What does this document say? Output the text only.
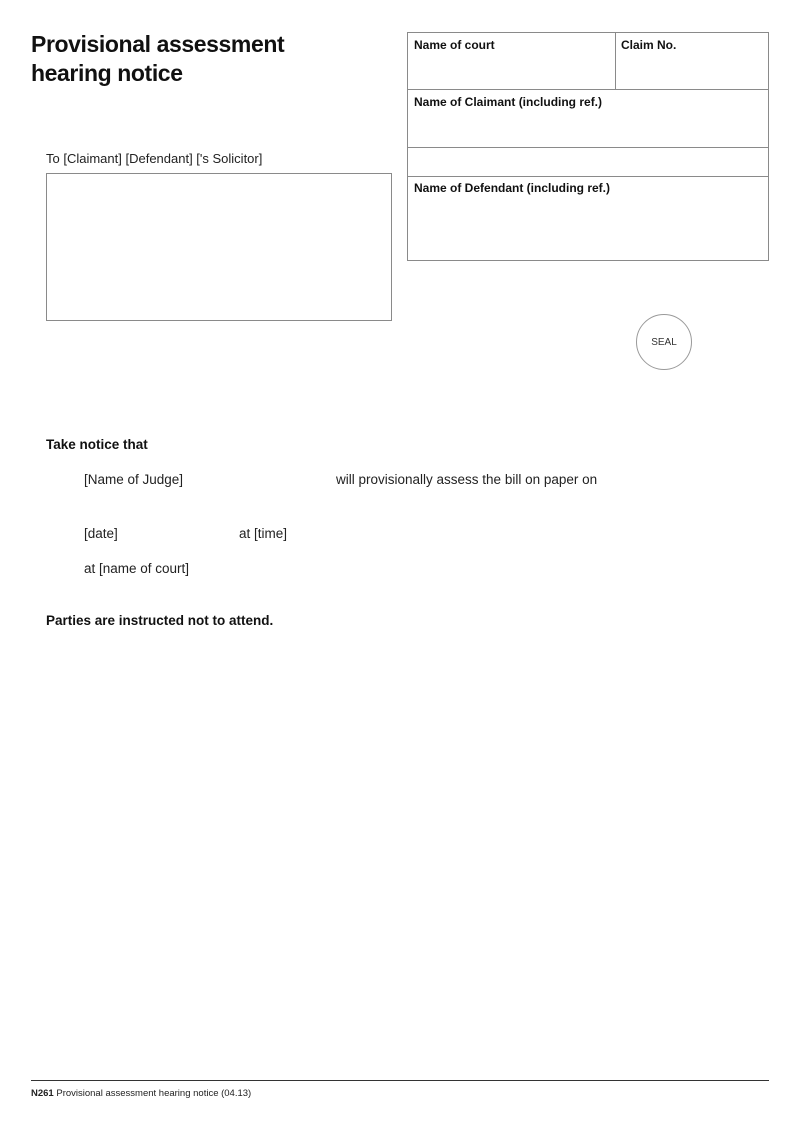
Provisional assessment
hearing notice
To [Claimant] [Defendant] ['s Solicitor]
Name of court	Claim No.
Name of Claimant (including ref.)
Name of Defendant (including ref.)
SEAL
Take notice that
[Name of Judge]	will provisionally assess the bill on paper on
[date]	at [time]
at [name of court]
Parties are instructed not to attend.
N261 Provisional assessment hearing notice (04.13)
